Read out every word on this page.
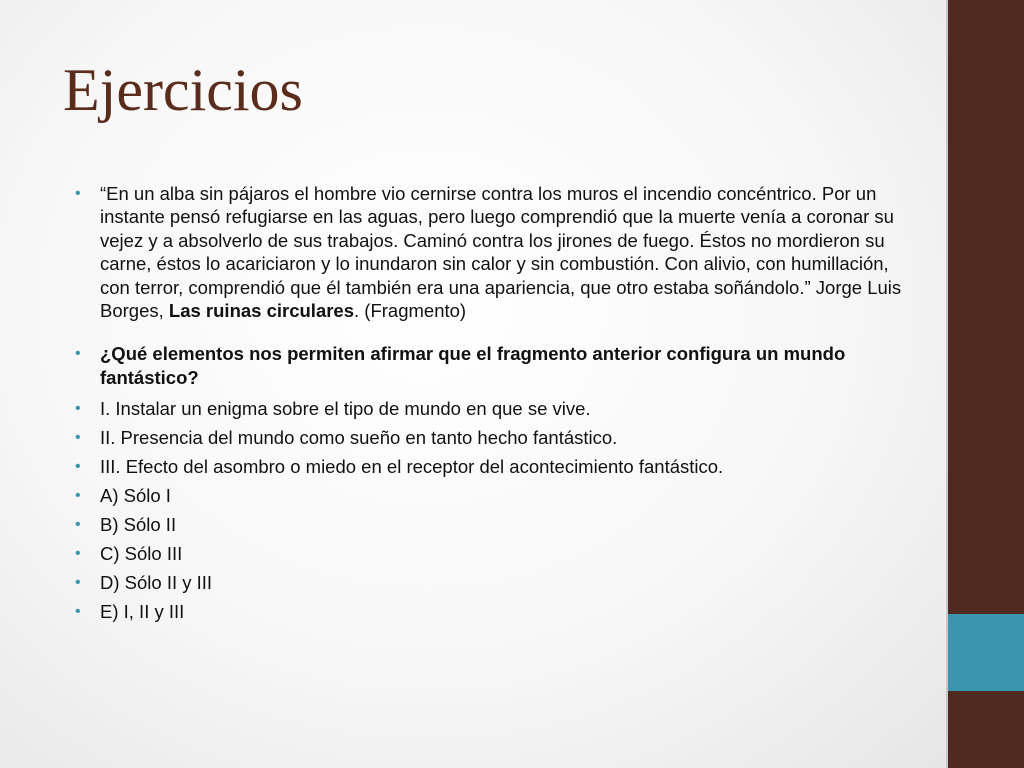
Ejercicios
• “En un alba sin pájaros el hombre vio cernirse contra los muros el incendio concéntrico. Por un instante pensó refugiarse en las aguas, pero luego comprendió que la muerte venía a coronar su vejez y a absolverlo de sus trabajos. Caminó contra los jirones de fuego. Éstos no mordieron su carne, éstos lo acariciaron y lo inundaron sin calor y sin combustión. Con alivio, con humillación, con terror, comprendió que él también era una apariencia, que otro estaba soñándolo.” Jorge Luis Borges, Las ruinas circulares. (Fragmento)
• ¿Qué elementos nos permiten afirmar que el fragmento anterior configura un mundo fantástico?
• I. Instalar un enigma sobre el tipo de mundo en que se vive.
• II. Presencia del mundo como sueño en tanto hecho fantástico.
• III. Efecto del asombro o miedo en el receptor del acontecimiento fantástico.
• A) Sólo I
• B) Sólo II
• C) Sólo III
• D) Sólo II y III
• E) I, II y III
